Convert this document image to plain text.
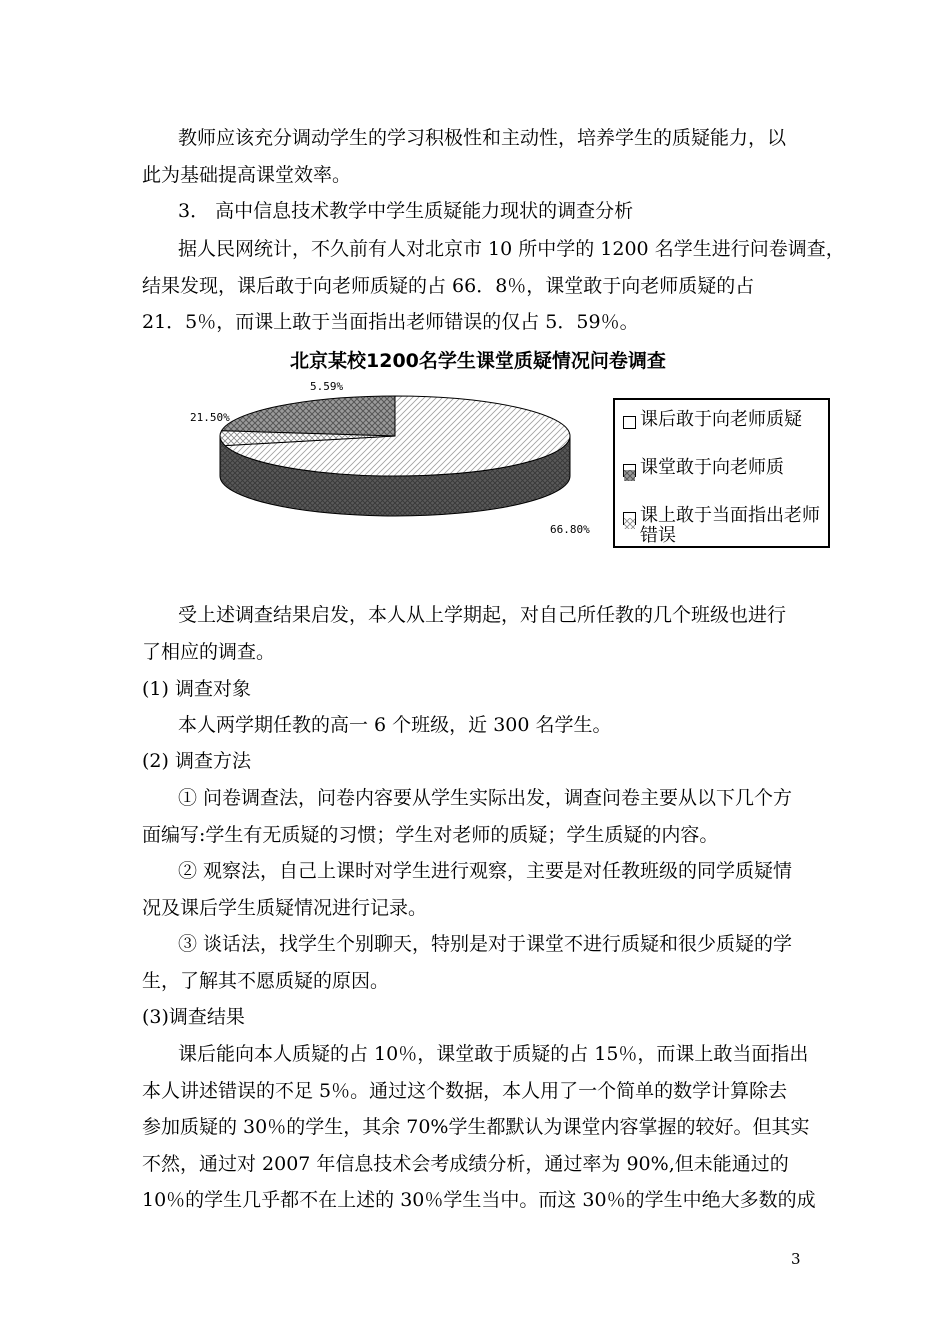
教师应该充分调动学生的学习积极性和主动性，培养学生的质疑能力，以
此为基础提高课堂效率。
3． 高中信息技术教学中学生质疑能力现状的调查分析
据人民网统计，不久前有人对北京市 10 所中学的 1200 名学生进行问卷调查，
结果发现，课后敢于向老师质疑的占 66．8％，课堂敢于向老师质疑的占
21．5％，而课上敢于当面指出老师错误的仅占 5．59％。
北京某校1200名学生课堂质疑情况问卷调查
66.80%
21.50%
5.59%
课后敢于向老师质疑
课堂敢于向老师质
课上敢于当面指出老师错误
受上述调查结果启发，本人从上学期起，对自己所任教的几个班级也进行
了相应的调查。
(1) 调查对象
本人两学期任教的高一 6 个班级，近 300 名学生。
(2) 调查方法
① 问卷调查法，问卷内容要从学生实际出发，调查问卷主要从以下几个方
面编写:学生有无质疑的习惯；学生对老师的质疑；学生质疑的内容。
② 观察法，自己上课时对学生进行观察，主要是对任教班级的同学质疑情
况及课后学生质疑情况进行记录。
③ 谈话法，找学生个别聊天，特别是对于课堂不进行质疑和很少质疑的学
生，了解其不愿质疑的原因。
(3)调查结果
课后能向本人质疑的占 10％，课堂敢于质疑的占 15％，而课上敢当面指出
本人讲述错误的不足 5％。通过这个数据，本人用了一个简单的数学计算除去
参加质疑的 30％的学生，其余 70%学生都默认为课堂内容掌握的较好。但其实
不然，通过对 2007 年信息技术会考成绩分析，通过率为 90%,但未能通过的
10％的学生几乎都不在上述的 30％学生当中。而这 30％的学生中绝大多数的成
3
